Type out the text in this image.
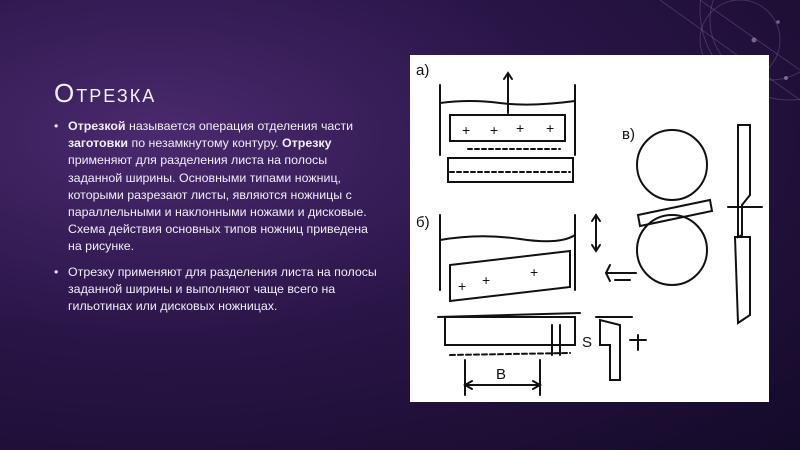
Отрезка
• Отрезкой называется операция отделения части заготовки по незамкнутому контуру. Отрезку применяют для разделения листа на полосы заданной ширины. Основными типами ножниц, которыми разрезают листы, являются ножницы с параллельными и наклонными ножами и дисковые. Схема действия основных типов ножниц приведена на рисунке.
• Отрезку применяют для разделения листа на полосы заданной ширины и выполняют чаще всего на гильотинах или дисковых ножницах.
а)
б)
в)
S
B
+ + + +
+ +	+
